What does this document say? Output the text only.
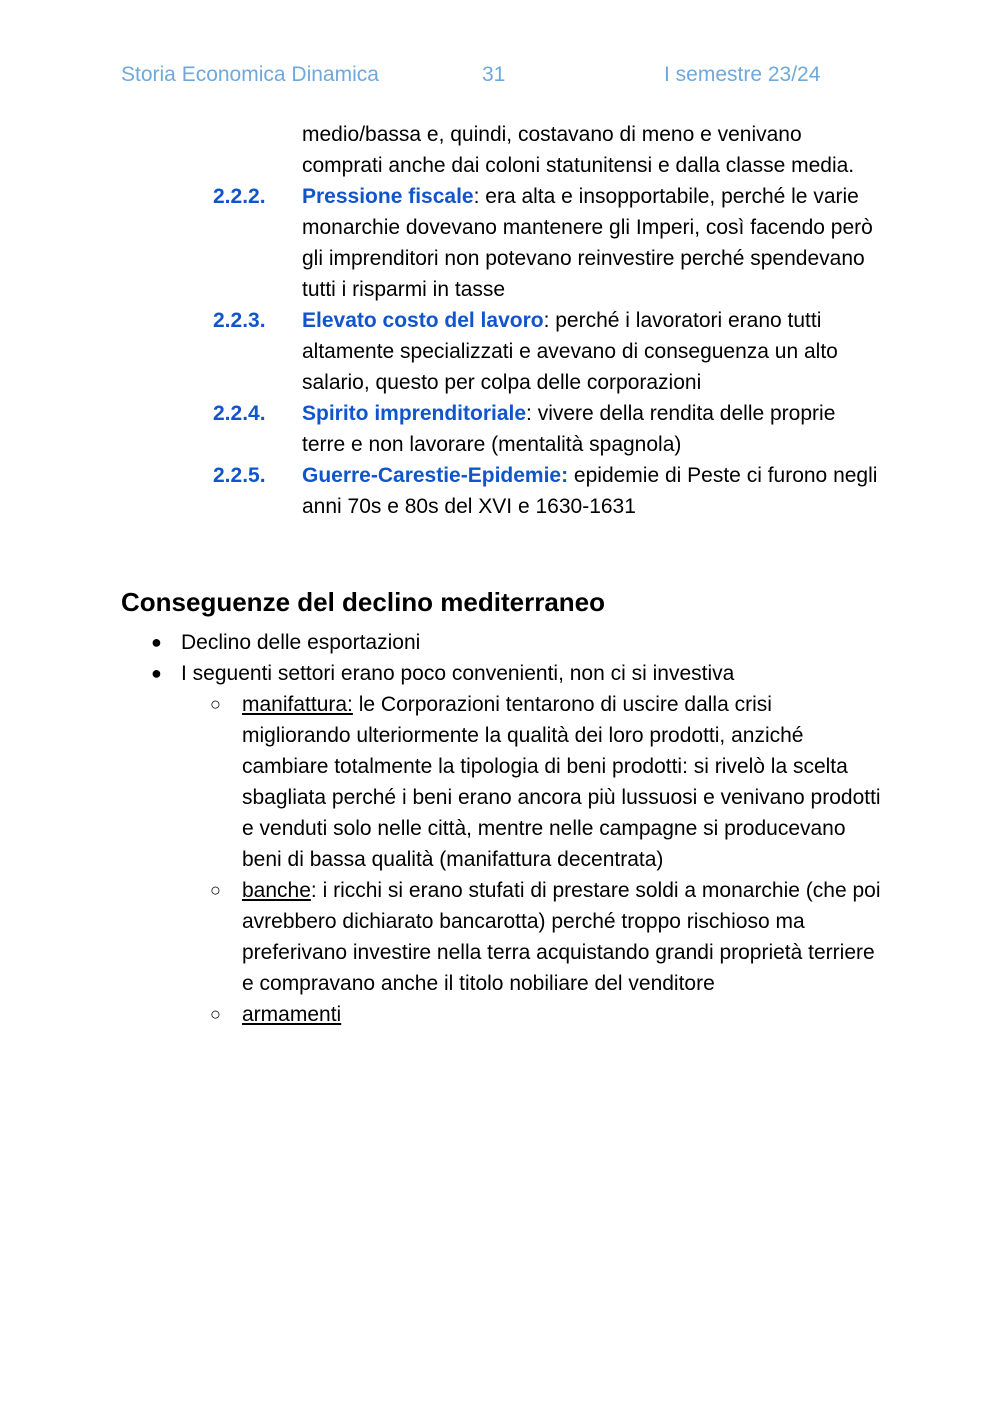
Storia Economica Dinamica	31	I semestre 23/24
medio/bassa e, quindi, costavano di meno e venivano comprati anche dai coloni statunitensi e dalla classe media.
2.2.2. Pressione fiscale: era alta e insopportabile, perché le varie monarchie dovevano mantenere gli Imperi, così facendo però gli imprenditori non potevano reinvestire perché spendevano tutti i risparmi in tasse
2.2.3. Elevato costo del lavoro: perché i lavoratori erano tutti altamente specializzati e avevano di conseguenza un alto salario, questo per colpa delle corporazioni
2.2.4. Spirito imprenditoriale: vivere della rendita delle proprie terre e non lavorare (mentalità spagnola)
2.2.5. Guerre-Carestie-Epidemie: epidemie di Peste ci furono negli anni 70s e 80s del XVI e 1630-1631
Conseguenze del declino mediterraneo
● Declino delle esportazioni
● I seguenti settori erano poco convenienti, non ci si investiva
○ manifattura: le Corporazioni tentarono di uscire dalla crisi migliorando ulteriormente la qualità dei loro prodotti, anziché cambiare totalmente la tipologia di beni prodotti: si rivelò la scelta sbagliata perché i beni erano ancora più lussuosi e venivano prodotti e venduti solo nelle città, mentre nelle campagne si producevano beni di bassa qualità (manifattura decentrata)
○ banche: i ricchi si erano stufati di prestare soldi a monarchie (che poi avrebbero dichiarato bancarotta) perché troppo rischioso ma preferivano investire nella terra acquistando grandi proprietà terriere e compravano anche il titolo nobiliare del venditore
○ armamenti
